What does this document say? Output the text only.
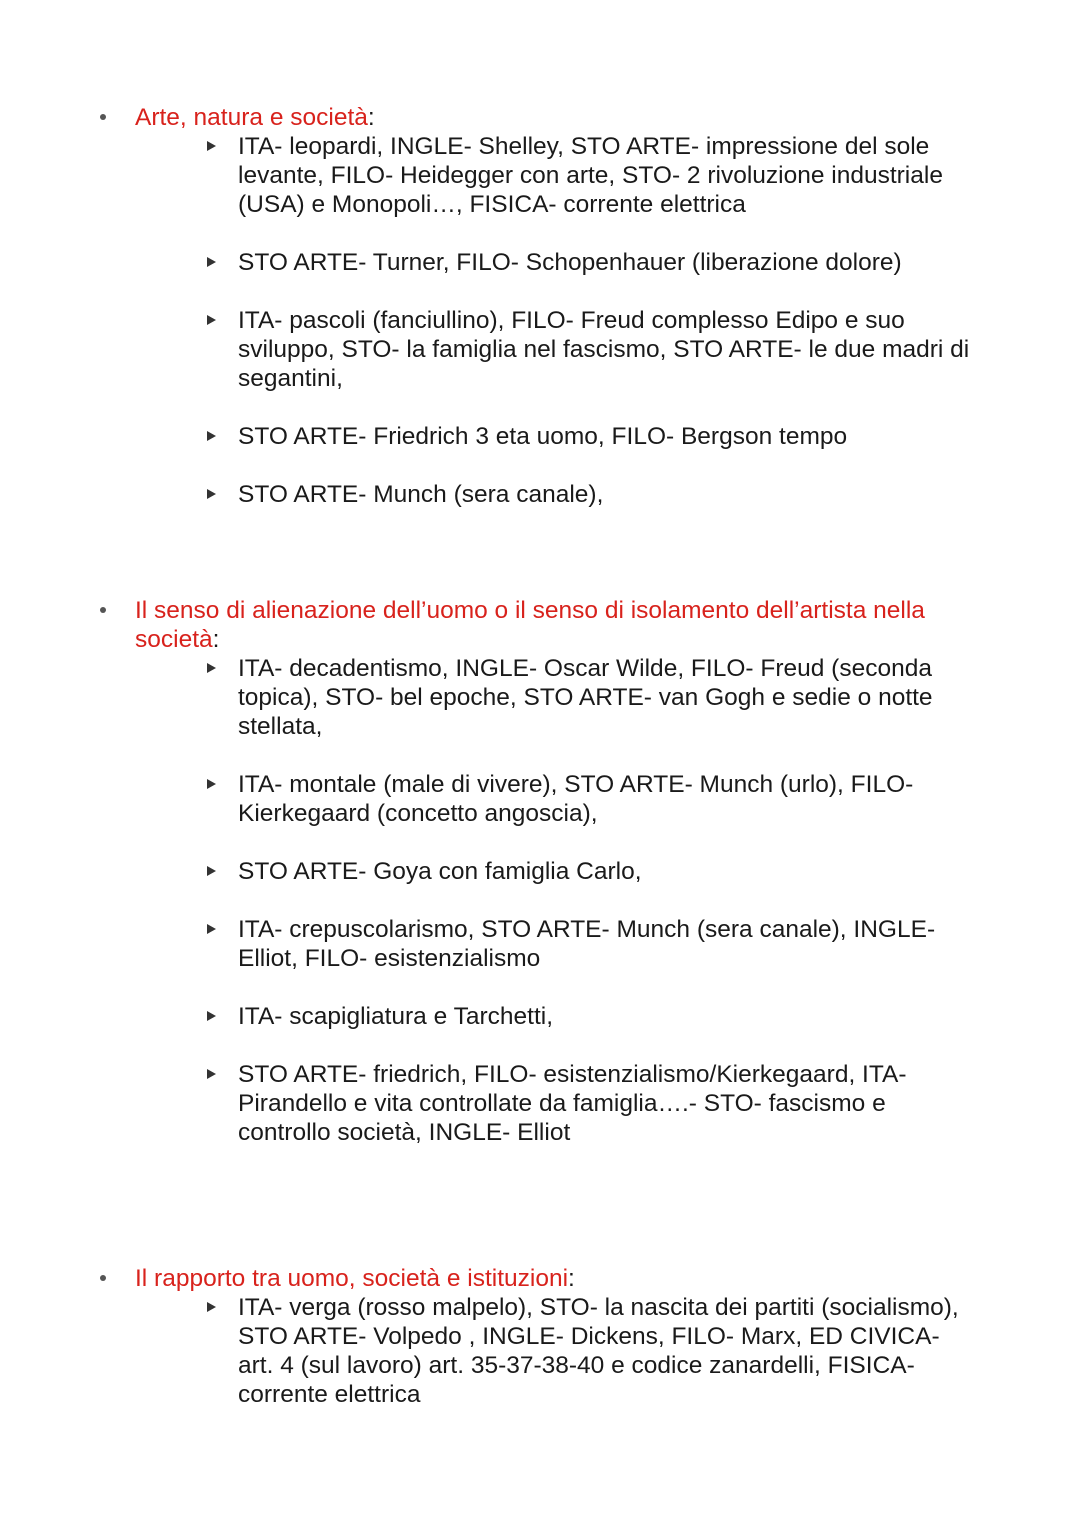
Arte, natura e società:
ITA- leopardi, INGLE- Shelley, STO ARTE- impressione del sole levante, FILO- Heidegger con arte, STO- 2 rivoluzione industriale (USA) e Monopoli…, FISICA- corrente elettrica
STO ARTE- Turner, FILO- Schopenhauer (liberazione dolore)
ITA- pascoli (fanciullino), FILO- Freud complesso Edipo e suo sviluppo, STO- la famiglia nel fascismo, STO ARTE- le due madri di segantini,
STO ARTE- Friedrich 3 eta uomo, FILO- Bergson tempo
STO ARTE- Munch (sera canale),
Il senso di alienazione dell’uomo o il senso di isolamento dell’artista nella società:
ITA- decadentismo, INGLE- Oscar Wilde, FILO- Freud (seconda topica), STO- bel epoche, STO ARTE- van Gogh e sedie o notte stellata,
ITA- montale (male di vivere), STO ARTE- Munch (urlo), FILO- Kierkegaard (concetto angoscia),
STO ARTE- Goya con famiglia Carlo,
ITA- crepuscolarismo, STO ARTE- Munch (sera canale), INGLE- Elliot, FILO- esistenzialismo
ITA- scapigliatura e Tarchetti,
STO ARTE- friedrich, FILO- esistenzialismo/Kierkegaard, ITA- Pirandello e vita controllate da famiglia….- STO- fascismo e controllo società, INGLE- Elliot
Il rapporto tra uomo, società e istituzioni:
ITA- verga (rosso malpelo), STO- la nascita dei partiti (socialismo), STO ARTE- Volpedo , INGLE- Dickens, FILO- Marx, ED CIVICA- art. 4 (sul lavoro) art. 35-37-38-40 e codice zanardelli, FISICA- corrente elettrica
